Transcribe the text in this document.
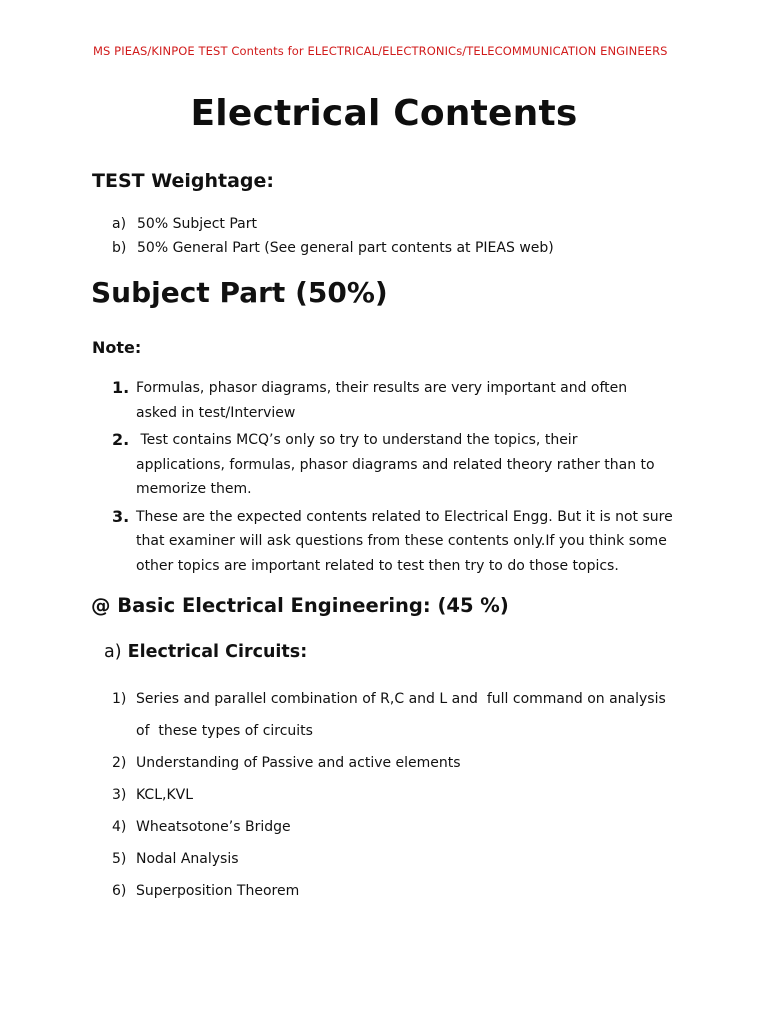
MS PIEAS/KINPOE TEST Contents for ELECTRICAL/ELECTRONICs/TELECOMMUNICATION ENGINEERS
Electrical Contents
TEST Weightage:
a) 50% Subject Part
b) 50% General Part (See general part contents at PIEAS web)
Subject Part (50%)
Note:
1. Formulas, phasor diagrams, their results are very important and often
asked in test/Interview
2. Test contains MCQ’s only so try to understand the topics, their
applications, formulas, phasor diagrams and related theory rather than to
memorize them.
3. These are the expected contents related to Electrical Engg. But it is not sure
that examiner will ask questions from these contents only.If you think some
other topics are important related to test then try to do those topics.
@ Basic Electrical Engineering: (45 %)
a) Electrical Circuits:
1) Series and parallel combination of R,C and L and  full command on analysis
of  these types of circuits
2) Understanding of Passive and active elements
3) KCL,KVL
4) Wheatsotone’s Bridge
5) Nodal Analysis
6) Superposition Theorem
